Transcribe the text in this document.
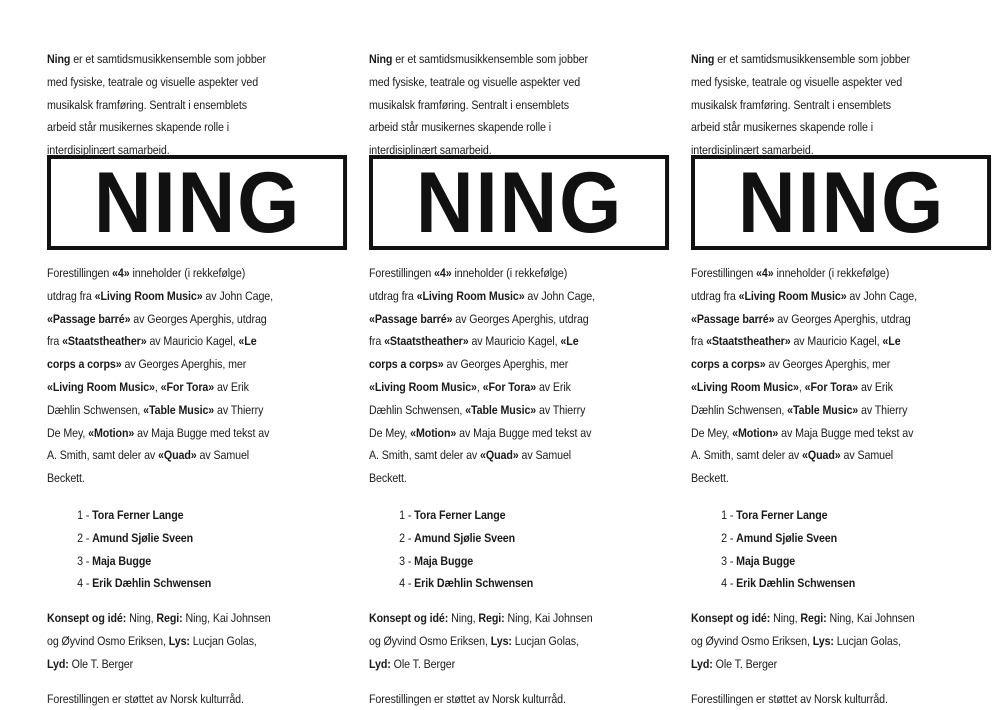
Ning er et samtidsmusikkensemble som jobber med fysiske, teatrale og visuelle aspekter ved musikalsk framføring. Sentralt i ensemblets arbeid står musikernes skapende rolle i interdisiplinært samarbeid.

NING

Forestillingen «4» inneholder (i rekkefølge) utdrag fra «Living Room Music» av John Cage, «Passage barré» av Georges Aperghis, utdrag fra «Staatstheather» av Mauricio Kagel, «Le corps a corps» av Georges Aperghis, mer «Living Room Music», «For Tora» av Erik Dæhlin Schwensen, «Table Music» av Thierry De Mey, «Motion» av Maja Bugge med tekst av A. Smith, samt deler av «Quad» av Samuel Beckett.

1 - Tora Ferner Lange
2 - Amund Sjølie Sveen
3 - Maja Bugge
4 - Erik Dæhlin Schwensen

Konsept og idé: Ning, Regi: Ning, Kai Johnsen og Øyvind Osmo Eriksen, Lys: Lucjan Golas, Lyd: Ole T. Berger

Forestillingen er støttet av Norsk kulturråd.

Ning er et samtidsmusikkensemble som jobber med fysiske, teatrale og visuelle aspekter ved musikalsk framføring. Sentralt i ensemblets arbeid står musikernes skapende rolle i interdisiplinært samarbeid.

NING

Forestillingen «4» inneholder (i rekkefølge) utdrag fra «Living Room Music» av John Cage, «Passage barré» av Georges Aperghis, utdrag fra «Staatstheather» av Mauricio Kagel, «Le corps a corps» av Georges Aperghis, mer «Living Room Music», «For Tora» av Erik Dæhlin Schwensen, «Table Music» av Thierry De Mey, «Motion» av Maja Bugge med tekst av A. Smith, samt deler av «Quad» av Samuel Beckett.

1 - Tora Ferner Lange
2 - Amund Sjølie Sveen
3 - Maja Bugge
4 - Erik Dæhlin Schwensen

Konsept og idé: Ning, Regi: Ning, Kai Johnsen og Øyvind Osmo Eriksen, Lys: Lucjan Golas, Lyd: Ole T. Berger

Forestillingen er støttet av Norsk kulturråd.

Ning er et samtidsmusikkensemble som jobber med fysiske, teatrale og visuelle aspekter ved musikalsk framføring. Sentralt i ensemblets arbeid står musikernes skapende rolle i interdisiplinært samarbeid.

NING

Forestillingen «4» inneholder (i rekkefølge) utdrag fra «Living Room Music» av John Cage, «Passage barré» av Georges Aperghis, utdrag fra «Staatstheather» av Mauricio Kagel, «Le corps a corps» av Georges Aperghis, mer «Living Room Music», «For Tora» av Erik Dæhlin Schwensen, «Table Music» av Thierry De Mey, «Motion» av Maja Bugge med tekst av A. Smith, samt deler av «Quad» av Samuel Beckett.

1 - Tora Ferner Lange
2 - Amund Sjølie Sveen
3 - Maja Bugge
4 - Erik Dæhlin Schwensen

Konsept og idé: Ning, Regi: Ning, Kai Johnsen og Øyvind Osmo Eriksen, Lys: Lucjan Golas, Lyd: Ole T. Berger

Forestillingen er støttet av Norsk kulturråd.
